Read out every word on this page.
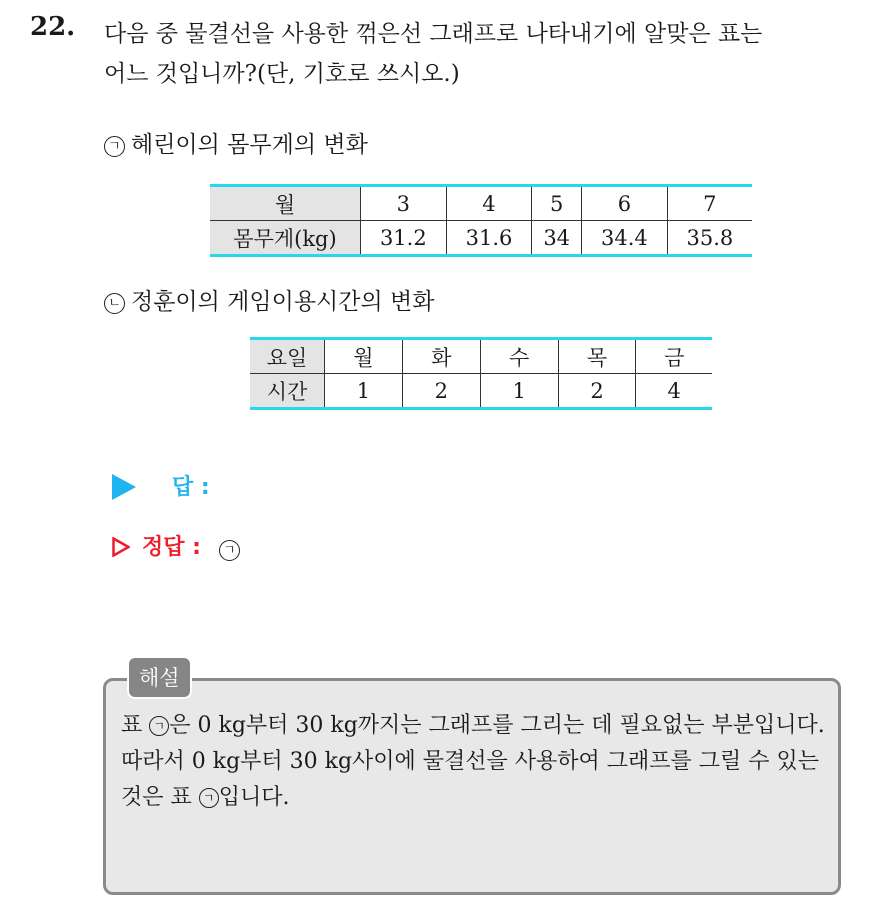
22. 다음 중 물결선을 사용한 꺾은선 그래프로 나타내기에 알맞은 표는
어느 것입니까?(단, 기호로 쓰시오.)
ㄱ 혜린이의 몸무게의 변화
월	3	4	5	6	7
몸무게(kg)	31.2	31.6	34	34.4	35.8
ㄴ 정훈이의 게임이용시간의 변화
요일	월	화	수	목	금
시간	1	2	1	2	4
답 :
정답 : ㄱ
해설
표 ㄱ 은 0 kg부터 30 kg까지는 그래프를 그리는 데 필요없는 부분입니다.
따라서 0 kg부터 30 kg사이에 물결선을 사용하여 그래프를 그릴 수 있는 것은 표 ㄱ 입니다.
